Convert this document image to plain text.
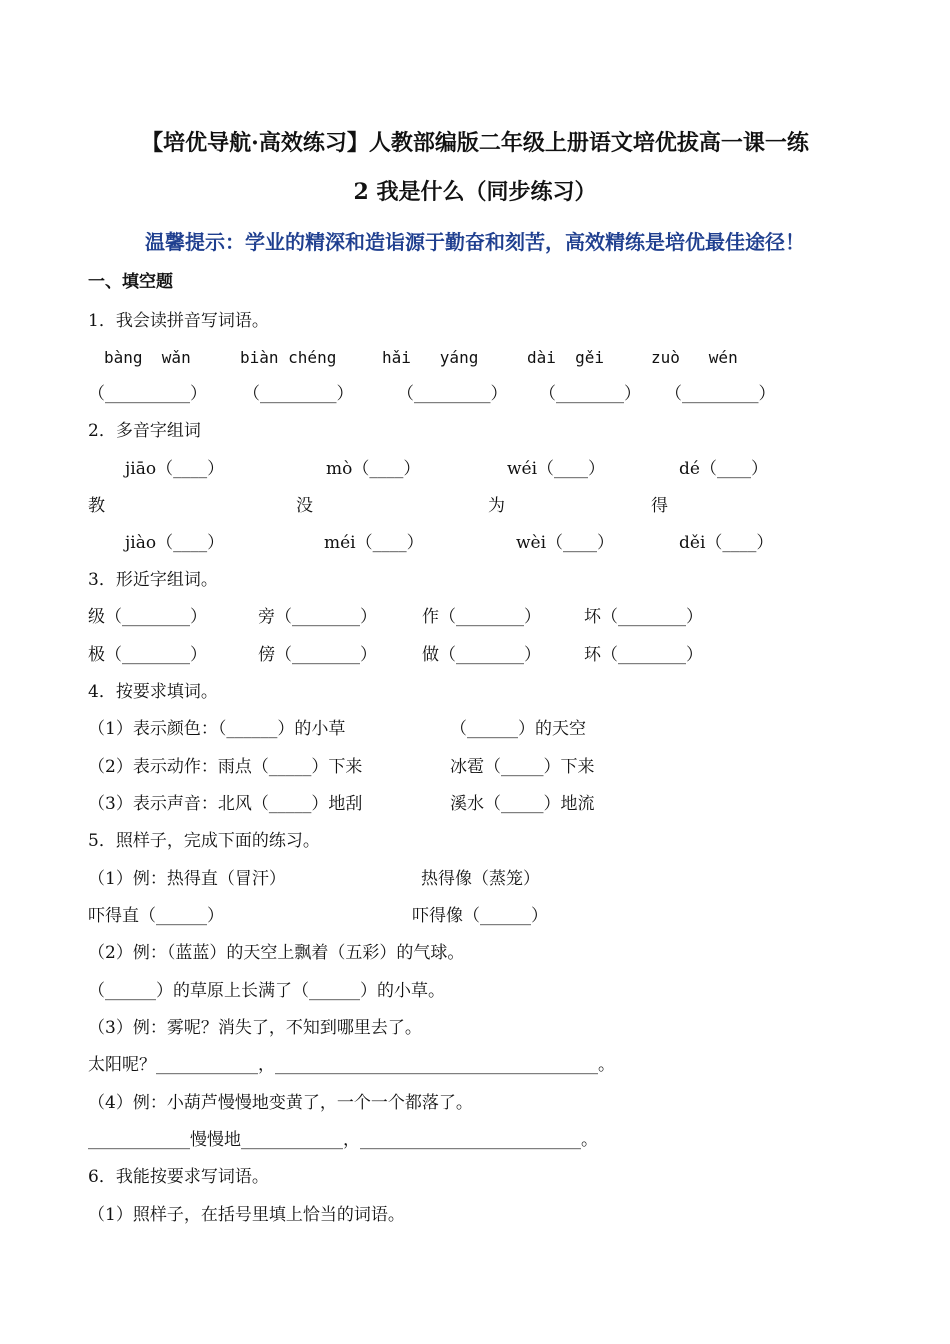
【培优导航·高效练习】人教部编版二年级上册语文培优拔高一课一练
2 我是什么（同步练习）
温馨提示：学业的精深和造诣源于勤奋和刻苦，高效精练是培优最佳途径！
一、填空题
1．我会读拼音写词语。
bàng  wǎn	biàn chéng	hǎi   yáng	dài  gěi	zuò   wén
（__________） （_________）	（_________） （________） （_________）
2．多音字组词
jiāo（____）	mò（____）	wéi（____）	dé（____）
教	没	为	得
jiào（____）	méi（____）	wèi（____）	děi（____）
3．形近字组词。
级（________）	旁（________）	作（________）	坏（________）
极（________）	傍（________）	做（________）	环（________）
4．按要求填词。
（1）表示颜色：（______）的小草	（______）的天空
（2）表示动作：雨点（_____）下来	冰雹（_____）下来
（3）表示声音：北风（_____）地刮	溪水（_____）地流
5．照样子，完成下面的练习。
（1）例：热得直（冒汗）	热得像（蒸笼）
吓得直（______）	吓得像（______）
（2）例：（蓝蓝）的天空上飘着（五彩）的气球。
（______）的草原上长满了（______）的小草。
（3）例：雾呢？消失了，不知到哪里去了。
太阳呢？____________，______________________________________。
（4）例：小葫芦慢慢地变黄了，一个一个都落了。
____________慢慢地____________，__________________________。
6．我能按要求写词语。
（1）照样子，在括号里填上恰当的词语。
